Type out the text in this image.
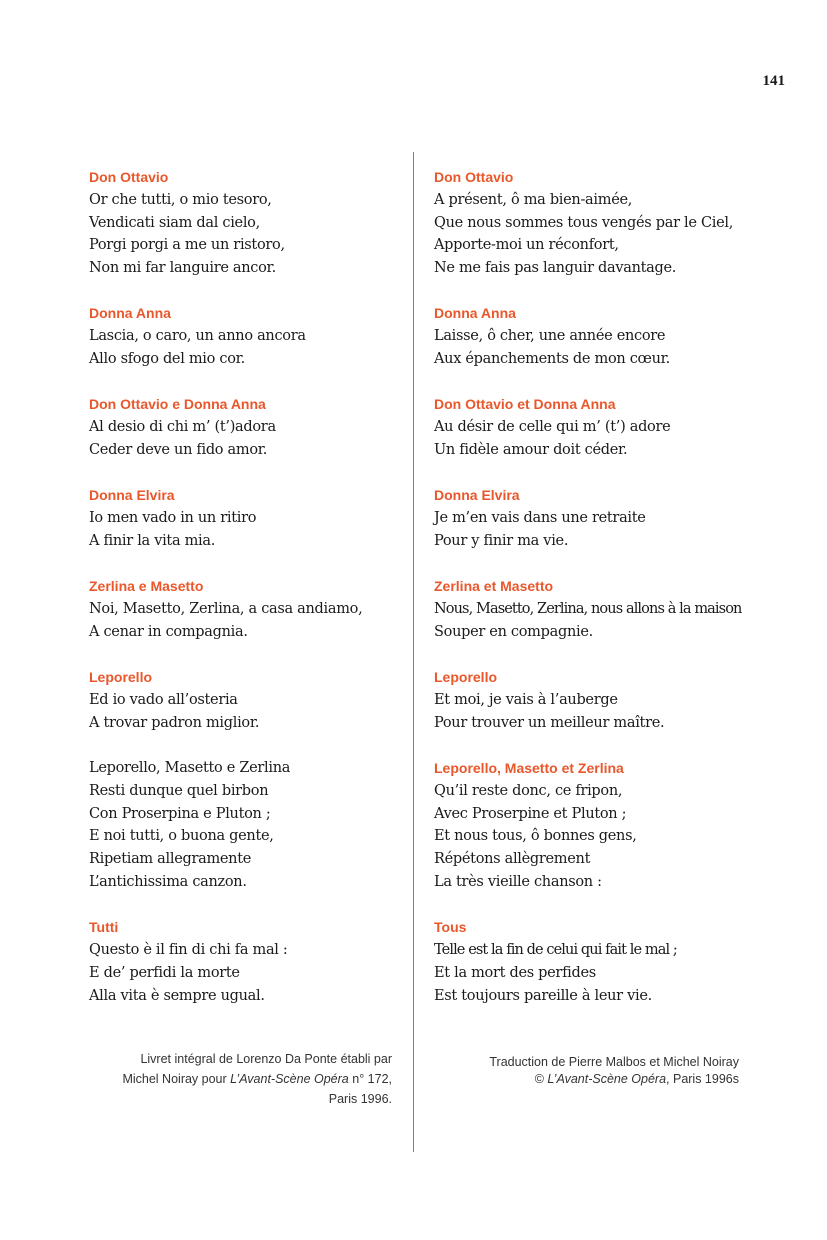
141
Don Ottavio
Or che tutti, o mio tesoro,
Vendicati siam dal cielo,
Porgi porgi a me un ristoro,
Non mi far languire ancor.
Donna Anna
Lascia, o caro, un anno ancora
Allo sfogo del mio cor.
Don Ottavio e Donna Anna
Al desio di chi m’ (t’)adora
Ceder deve un fido amor.
Donna Elvira
Io men vado in un ritiro
A finir la vita mia.
Zerlina e Masetto
Noi, Masetto, Zerlina, a casa andiamo,
A cenar in compagnia.
Leporello
Ed io vado all’osteria
A trovar padron miglior.
Leporello, Masetto e Zerlina
Resti dunque quel birbon
Con Proserpina e Pluton ;
E noi tutti, o buona gente,
Ripetiam allegramente
L’antichissima canzon.
Tutti
Questo è il fin di chi fa mal :
E de’ perfidi la morte
Alla vita è sempre ugual.
Don Ottavio
A présent, ô ma bien-aimée,
Que nous sommes tous vengés par le Ciel,
Apporte-moi un réconfort,
Ne me fais pas languir davantage.
Donna Anna
Laisse, ô cher, une année encore
Aux épanchements de mon cœur.
Don Ottavio et Donna Anna
Au désir de celle qui m’ (t’) adore
Un fidèle amour doit céder.
Donna Elvira
Je m’en vais dans une retraite
Pour y finir ma vie.
Zerlina et Masetto
Nous, Masetto, Zerlina, nous allons à la maison
Souper en compagnie.
Leporello
Et moi, je vais à l’auberge
Pour trouver un meilleur maître.
Leporello, Masetto et Zerlina
Qu’il reste donc, ce fripon,
Avec Proserpine et Pluton ;
Et nous tous, ô bonnes gens,
Répétons allègrement
La très vieille chanson :
Tous
Telle est la fin de celui qui fait le mal ;
Et la mort des perfides
Est toujours pareille à leur vie.
Livret intégral de Lorenzo Da Ponte établi par
Michel Noiray pour L’Avant-Scène Opéra n° 172,
Paris 1996.
Traduction de Pierre Malbos et Michel Noiray
© L’Avant-Scène Opéra, Paris 1996s
